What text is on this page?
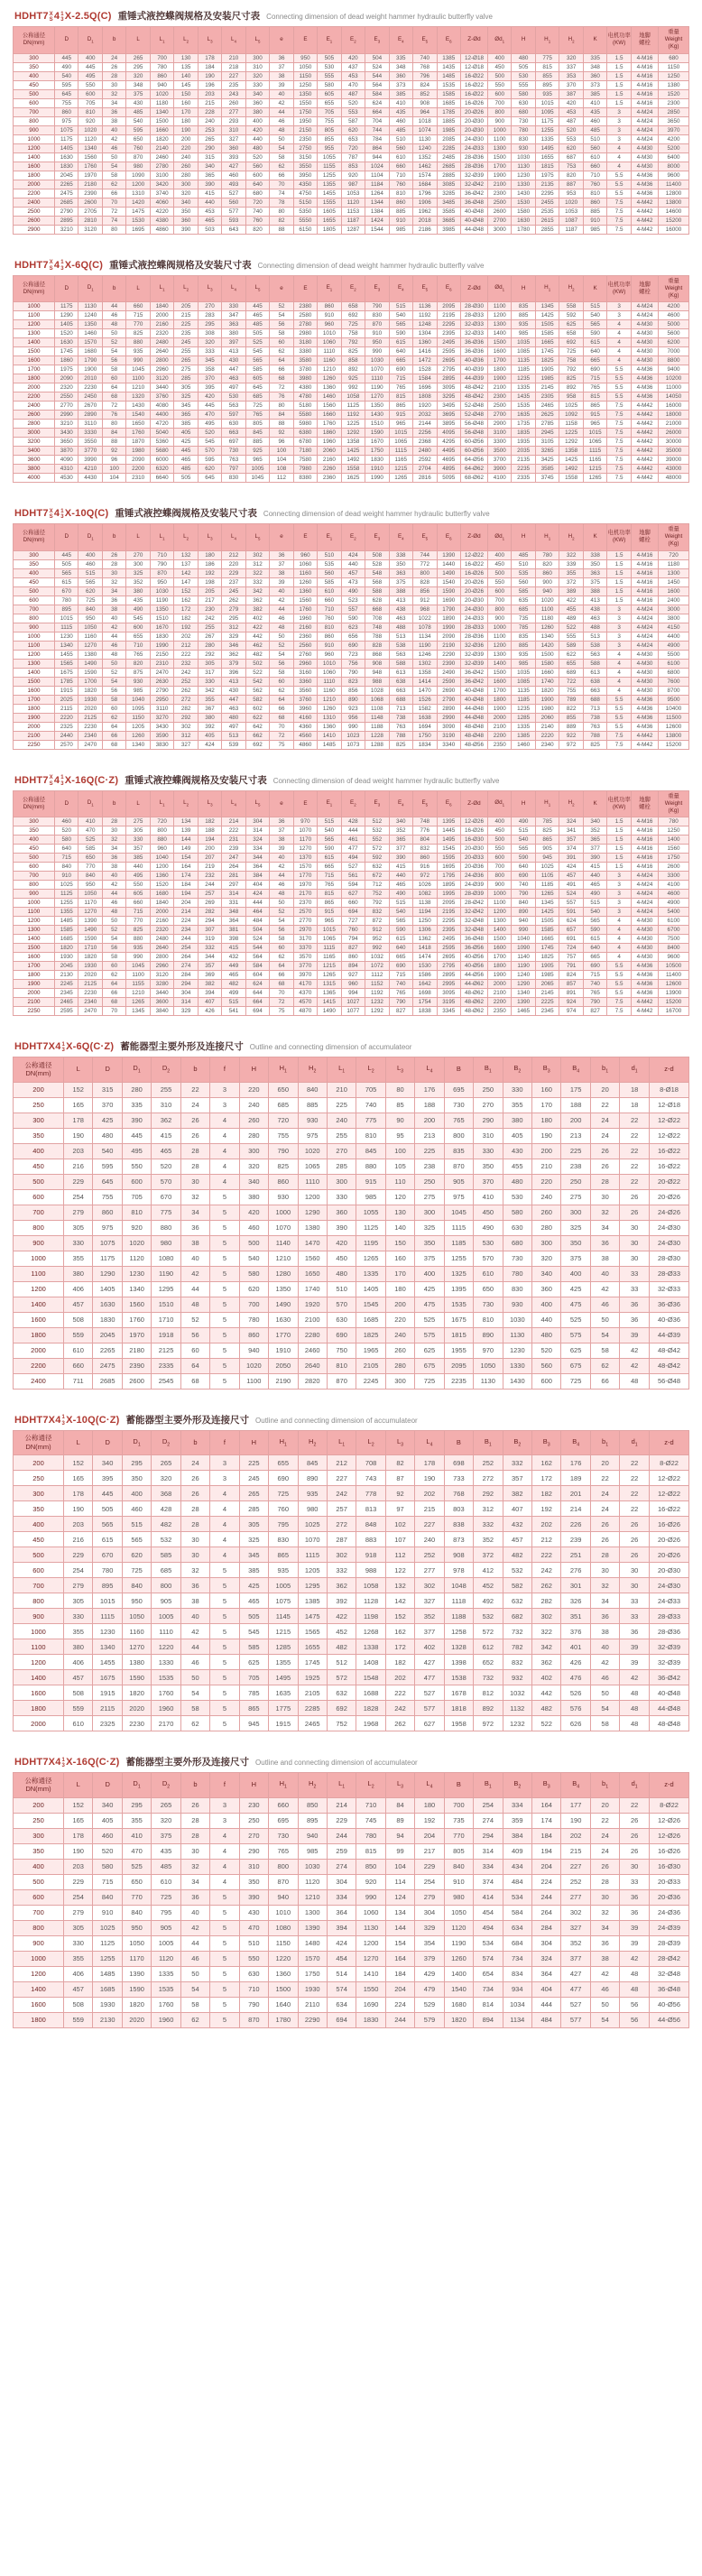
HDHT7 X
S 4 1
3 X-2.5Q(C) 重锤式液控蝶阀规格及安装尺寸表 Connecting dimension of dead weight hammer hydraulic butterfly valve
公称通径
DN(mm)	D	$D_1$	b	L	$L_1$	$L_2$	$L_3$	$L_4$	$L_5$	e	E	$E_1$	$E_2$	$E_3$	$E_4$	$E_5$	$E_6$	Z-Ød	$Ød_1$	H	$H_1$	$H_2$	K	电机功率
(KW)	地脚
螺栓	重量
Weight
(Kg)
300	445	400	24	265	700	130	178	210	300	36	950	505	420	504	335	740	1385	12-Ø18	400	480	775	320	335	1.5	4-M16	680
350	490	445	26	295	780	135	184	218	310	37	1050	530	437	524	348	768	1435	12-Ø18	450	505	815	337	348	1.5	4-M16	1150
400	540	495	28	320	860	140	190	227	320	38	1150	555	453	544	360	796	1485	16-Ø22	500	530	855	353	360	1.5	4-M16	1250
450	595	550	30	348	940	145	196	235	330	39	1250	580	470	564	373	824	1535	16-Ø22	550	555	895	370	373	1.5	4-M16	1380
500	645	600	32	375	1020	150	203	243	340	40	1350	605	487	584	385	852	1585	16-Ø22	600	580	935	387	385	1.5	4-M16	1520
600	755	705	34	430	1180	160	215	260	360	42	1550	655	520	624	410	908	1685	16-Ø26	700	630	1015	420	410	1.5	4-M16	2300
700	860	810	36	485	1340	170	228	277	380	44	1750	705	553	664	435	964	1785	20-Ø26	800	680	1095	453	435	3	4-M24	2850
800	975	920	38	540	1500	180	240	293	400	46	1950	755	587	704	460	1018	1885	20-Ø30	900	730	1175	487	460	3	4-M24	3650
900	1075	1020	40	595	1660	190	253	310	420	48	2150	805	620	744	485	1074	1985	20-Ø30	1000	780	1255	520	485	3	4-M24	3970
1000	1175	1120	42	650	1820	200	265	327	440	50	2350	855	653	784	510	1130	2085	24-Ø30	1100	830	1335	553	510	3	4-M24	4200
1200	1405	1340	46	760	2140	220	290	360	480	54	2750	955	720	864	560	1240	2285	24-Ø33	1300	930	1495	620	560	4	4-M30	5200
1400	1630	1560	50	870	2460	240	315	393	520	58	3150	1055	787	944	610	1352	2485	28-Ø36	1500	1030	1655	687	610	4	4-M30	6400
1600	1830	1760	54	980	2780	260	340	427	560	62	3550	1155	853	1024	660	1462	2685	28-Ø36	1700	1130	1815	753	660	4	4-M30	8000
1800	2045	1970	58	1090	3100	280	365	460	600	66	3950	1255	920	1104	710	1574	2885	32-Ø39	1900	1230	1975	820	710	5.5	4-M36	9600
2000	2265	2180	62	1200	3420	300	390	493	640	70	4350	1355	987	1184	760	1684	3085	32-Ø42	2100	1330	2135	887	760	5.5	4-M36	11400
2200	2475	2390	66	1310	3740	320	415	527	680	74	4750	1455	1053	1264	810	1796	3285	36-Ø42	2300	1430	2295	953	810	5.5	4-M36	12800
2400	2685	2600	70	1420	4060	340	440	560	720	78	5150	1555	1120	1344	860	1906	3485	36-Ø48	2500	1530	2455	1020	860	7.5	4-M42	13800
2500	2790	2705	72	1475	4220	350	453	577	740	80	5350	1605	1153	1384	885	1962	3585	40-Ø48	2600	1580	2535	1053	885	7.5	4-M42	14600
2600	2895	2810	74	1530	4380	360	465	593	760	82	5550	1655	1187	1424	910	2018	3685	40-Ø48	2700	1630	2615	1087	910	7.5	4-M42	15200
2900	3210	3120	80	1695	4860	390	503	643	820	88	6150	1805	1287	1544	985	2186	3985	44-Ø48	3000	1780	2855	1187	985	7.5	4-M42	16000
HDHT7 X
S 4 1
3 X-6Q(C) 重锤式液控蝶阀规格及安装尺寸表 Connecting dimension of dead weight hammer hydraulic butterfly valve
公称通径
DN(mm)	D	$D_1$	b	L	$L_1$	$L_2$	$L_3$	$L_4$	$L_5$	e	E	$E_1$	$E_2$	$E_3$	$E_4$	$E_5$	$E_6$	Z-Ød	$Ød_1$	H	$H_1$	$H_2$	K	电机功率
(KW)	地脚
螺栓	重量
Weight
(Kg)
1000	1175	1130	44	660	1840	205	270	330	445	52	2380	860	658	790	515	1136	2095	28-Ø30	1100	835	1345	558	515	3	4-M24	4200
1100	1290	1240	46	715	2000	215	283	347	465	54	2580	910	692	830	540	1192	2195	28-Ø33	1200	885	1425	592	540	3	4-M24	4600
1200	1405	1350	48	770	2160	225	295	363	485	56	2780	960	725	870	565	1248	2295	32-Ø33	1300	935	1505	625	565	4	4-M30	5000
1300	1520	1460	50	825	2320	235	308	380	505	58	2980	1010	758	910	590	1304	2395	32-Ø33	1400	985	1585	658	590	4	4-M30	5600
1400	1630	1570	52	880	2480	245	320	397	525	60	3180	1060	792	950	615	1360	2495	36-Ø36	1500	1035	1665	692	615	4	4-M30	6200
1500	1745	1680	54	935	2640	255	333	413	545	62	3380	1110	825	990	640	1416	2595	36-Ø36	1600	1085	1745	725	640	4	4-M30	7000
1600	1860	1790	56	990	2800	265	345	430	565	64	3580	1160	858	1030	665	1472	2695	40-Ø36	1700	1135	1825	758	665	4	4-M30	8800
1700	1975	1900	58	1045	2960	275	358	447	585	66	3780	1210	892	1070	690	1528	2795	40-Ø39	1800	1185	1905	792	690	5.5	4-M36	9400
1800	2090	2010	60	1100	3120	285	370	463	605	68	3980	1260	925	1110	715	1584	2895	44-Ø39	1900	1235	1985	825	715	5.5	4-M36	10200
2000	2320	2230	64	1210	3440	305	395	497	645	72	4380	1360	992	1190	765	1696	3095	48-Ø42	2100	1335	2145	892	765	5.5	4-M36	11000
2200	2550	2450	68	1320	3760	325	420	530	685	76	4780	1460	1058	1270	815	1808	3295	48-Ø42	2300	1435	2305	958	815	5.5	4-M36	14050
2400	2770	2670	72	1430	4080	345	445	563	725	80	5180	1560	1125	1350	865	1920	3495	52-Ø48	2500	1535	2465	1025	865	7.5	4-M42	16000
2600	2990	2890	76	1540	4400	365	470	597	765	84	5580	1660	1192	1430	915	2032	3695	52-Ø48	2700	1635	2625	1092	915	7.5	4-M42	18000
2800	3210	3110	80	1650	4720	385	495	630	805	88	5980	1760	1225	1510	965	2144	3895	56-Ø48	2900	1735	2785	1158	965	7.5	4-M42	21000
3000	3430	3330	84	1760	5040	405	520	663	845	92	6380	1860	1292	1590	1015	2256	4095	56-Ø48	3100	1835	2945	1225	1015	7.5	4-M42	26000
3200	3650	3550	88	1870	5360	425	545	697	885	96	6780	1960	1358	1670	1065	2368	4295	60-Ø56	3300	1935	3105	1292	1065	7.5	4-M42	30000
3400	3870	3770	92	1980	5680	445	570	730	925	100	7180	2060	1425	1750	1115	2480	4495	60-Ø56	3500	2035	3265	1358	1115	7.5	4-M42	35000
3600	4090	3990	96	2090	6000	465	595	763	965	104	7580	2160	1492	1830	1165	2592	4695	64-Ø56	3700	2135	3425	1425	1165	7.5	4-M42	39000
3800	4310	4210	100	2200	6320	485	620	797	1005	108	7980	2260	1558	1910	1215	2704	4895	64-Ø62	3900	2235	3585	1492	1215	7.5	4-M42	43000
4000	4530	4430	104	2310	6640	505	645	830	1045	112	8380	2360	1625	1990	1265	2816	5095	68-Ø62	4100	2335	3745	1558	1265	7.5	4-M42	48000
HDHT7 X
S 4 1
3 X-10Q(C) 重锤式液控蝶阀规格及安装尺寸表 Connecting dimension of dead weight hammer hydraulic butterfly valve
公称通径
DN(mm)	D	$D_1$	b	L	$L_1$	$L_2$	$L_3$	$L_4$	$L_5$	e	E	$E_1$	$E_2$	$E_3$	$E_4$	$E_5$	$E_6$	Z-Ød	$Ød_1$	H	$H_1$	$H_2$	K	电机功率
(KW)	地脚
螺栓	重量
Weight
(Kg)
300	445	400	26	270	710	132	180	212	302	36	960	510	424	508	338	744	1390	12-Ø22	400	485	780	322	338	1.5	4-M16	720
350	505	460	28	300	790	137	186	220	312	37	1060	535	440	528	350	772	1440	16-Ø22	450	510	820	339	350	1.5	4-M16	1180
400	565	515	30	325	870	142	192	229	322	38	1160	560	457	548	363	800	1490	16-Ø26	500	535	860	355	363	1.5	4-M16	1300
450	615	565	32	352	950	147	198	237	332	39	1260	585	473	568	375	828	1540	20-Ø26	550	560	900	372	375	1.5	4-M16	1450
500	670	620	34	380	1030	152	205	245	342	40	1360	610	490	588	388	856	1590	20-Ø26	600	585	940	389	388	1.5	4-M16	1600
600	780	725	36	435	1190	162	217	262	362	42	1560	660	523	628	413	912	1690	20-Ø30	700	635	1020	422	413	1.5	4-M16	2400
700	895	840	38	490	1350	172	230	279	382	44	1760	710	557	668	438	968	1790	24-Ø30	800	685	1100	455	438	3	4-M24	3000
800	1015	950	40	545	1510	182	242	295	402	46	1960	760	590	708	463	1022	1890	24-Ø33	900	735	1180	489	463	3	4-M24	3800
900	1115	1050	42	600	1670	192	255	312	422	48	2160	810	623	748	488	1078	1990	28-Ø33	1000	785	1260	522	488	3	4-M24	4150
1000	1230	1160	44	655	1830	202	267	329	442	50	2360	860	656	788	513	1134	2090	28-Ø36	1100	835	1340	555	513	3	4-M24	4400
1100	1340	1270	46	710	1990	212	280	346	462	52	2560	910	690	828	538	1190	2190	32-Ø36	1200	885	1420	589	538	3	4-M24	4900
1200	1455	1380	48	765	2150	222	292	362	482	54	2760	960	723	868	563	1246	2290	32-Ø39	1300	935	1500	622	563	4	4-M30	5500
1300	1565	1490	50	820	2310	232	305	379	502	56	2960	1010	756	908	588	1302	2390	32-Ø39	1400	985	1580	655	588	4	4-M30	6100
1400	1675	1590	52	875	2470	242	317	396	522	58	3160	1060	790	948	613	1358	2490	36-Ø42	1500	1035	1660	689	613	4	4-M30	6800
1500	1785	1700	54	930	2630	252	330	413	542	60	3360	1110	823	988	638	1414	2590	36-Ø42	1600	1085	1740	722	638	4	4-M30	7600
1600	1915	1820	56	985	2790	262	342	430	562	62	3560	1160	856	1028	663	1470	2690	40-Ø48	1700	1135	1820	755	663	4	4-M30	8700
1700	2025	1930	58	1040	2950	272	355	447	582	64	3760	1210	890	1068	688	1526	2790	40-Ø48	1800	1185	1900	789	688	5.5	4-M36	9500
1800	2115	2020	60	1095	3110	282	367	463	602	66	3960	1260	923	1108	713	1582	2890	44-Ø48	1900	1235	1980	822	713	5.5	4-M36	10400
1900	2220	2125	62	1150	3270	292	380	480	622	68	4160	1310	956	1148	738	1638	2990	44-Ø48	2000	1285	2060	855	738	5.5	4-M36	11500
2000	2325	2230	64	1205	3430	302	392	497	642	70	4360	1360	990	1188	763	1694	3090	48-Ø48	2100	1335	2140	889	763	5.5	4-M36	12600
2100	2440	2340	66	1260	3590	312	405	513	662	72	4560	1410	1023	1228	788	1750	3190	48-Ø48	2200	1385	2220	922	788	7.5	4-M42	13800
2250	2570	2470	68	1340	3830	327	424	539	692	75	4860	1485	1073	1288	825	1834	3340	48-Ø56	2350	1460	2340	972	825	7.5	4-M42	15200
HDHT7 X
S 4 1
3 X-16Q(C·Z) 重锤式液控蝶阀规格及安装尺寸表 Connecting dimension of dead weight hammer hydraulic butterfly valve
公称通径
DN(mm)	D	$D_1$	b	L	$L_1$	$L_2$	$L_3$	$L_4$	$L_5$	e	E	$E_1$	$E_2$	$E_3$	$E_4$	$E_5$	$E_6$	Z-Ød	$Ød_1$	H	$H_1$	$H_2$	K	电机功率
(KW)	地脚
螺栓	重量
Weight
(Kg)
300	460	410	28	275	720	134	182	214	304	36	970	515	428	512	340	748	1395	12-Ø26	400	490	785	324	340	1.5	4-M16	780
350	520	470	30	305	800	139	188	222	314	37	1070	540	444	532	352	776	1445	16-Ø26	450	515	825	341	352	1.5	4-M16	1250
400	580	525	32	330	880	144	194	231	324	38	1170	565	461	552	365	804	1495	16-Ø30	500	540	865	357	365	1.5	4-M16	1400
450	640	585	34	357	960	149	200	239	334	39	1270	590	477	572	377	832	1545	20-Ø30	550	565	905	374	377	1.5	4-M16	1560
500	715	650	36	385	1040	154	207	247	344	40	1370	615	494	592	390	860	1595	20-Ø33	600	590	945	391	390	1.5	4-M16	1750
600	840	770	38	440	1200	164	219	264	364	42	1570	665	527	632	415	916	1695	20-Ø36	700	640	1025	424	415	1.5	4-M16	2600
700	910	840	40	495	1360	174	232	281	384	44	1770	715	561	672	440	972	1795	24-Ø36	800	690	1105	457	440	3	4-M24	3300
800	1025	950	42	550	1520	184	244	297	404	46	1970	765	594	712	465	1026	1895	24-Ø39	900	740	1185	491	465	3	4-M24	4100
900	1125	1050	44	605	1680	194	257	314	424	48	2170	815	627	752	490	1082	1995	28-Ø39	1000	790	1265	524	490	3	4-M24	4600
1000	1255	1170	46	660	1840	204	269	331	444	50	2370	865	660	792	515	1138	2095	28-Ø42	1100	840	1345	557	515	3	4-M24	4900
1100	1355	1270	48	715	2000	214	282	348	464	52	2570	915	694	832	540	1194	2195	32-Ø42	1200	890	1425	591	540	3	4-M24	5400
1200	1485	1390	50	770	2160	224	294	364	484	54	2770	965	727	872	565	1250	2295	32-Ø48	1300	940	1505	624	565	4	4-M30	6100
1300	1585	1490	52	825	2320	234	307	381	504	56	2970	1015	760	912	590	1306	2395	32-Ø48	1400	990	1585	657	590	4	4-M30	6700
1400	1685	1590	54	880	2480	244	319	398	524	58	3170	1065	794	952	615	1362	2495	36-Ø48	1500	1040	1665	691	615	4	4-M30	7500
1500	1820	1710	56	935	2640	254	332	415	544	60	3370	1115	827	992	640	1418	2595	36-Ø56	1600	1090	1745	724	640	4	4-M30	8400
1600	1930	1820	58	990	2800	264	344	432	564	62	3570	1165	860	1032	665	1474	2695	40-Ø56	1700	1140	1825	757	665	4	4-M30	9600
1700	2045	1930	60	1045	2960	274	357	449	584	64	3770	1215	894	1072	690	1530	2795	40-Ø56	1800	1190	1905	791	690	5.5	4-M36	10500
1800	2130	2020	62	1100	3120	284	369	465	604	66	3970	1265	927	1112	715	1586	2895	44-Ø56	1900	1240	1985	824	715	5.5	4-M36	11400
1900	2245	2125	64	1155	3280	294	382	482	624	68	4170	1315	960	1152	740	1642	2995	44-Ø62	2000	1290	2065	857	740	5.5	4-M36	12600
2000	2345	2230	66	1210	3440	304	394	499	644	70	4370	1365	994	1192	765	1698	3095	48-Ø62	2100	1340	2145	891	765	5.5	4-M36	13900
2100	2465	2340	68	1265	3600	314	407	515	664	72	4570	1415	1027	1232	790	1754	3195	48-Ø62	2200	1390	2225	924	790	7.5	4-M42	15200
2250	2595	2470	70	1345	3840	329	426	541	694	75	4870	1490	1077	1292	827	1838	3345	48-Ø62	2350	1465	2345	974	827	7.5	4-M42	16700
HDHT7X4 1
3 X-6Q(C·Z) 蓄能器型主要外形及连接尺寸 Outline and connecting dimension of accumulateor
公称通径
DN(mm)	L	D	$D_1$	$D_2$	b	f	H	$H_1$	$H_2$	$L_1$	$L_2$	$L_3$	$L_4$	B	$B_1$	$B_2$	$B_3$	$B_4$	$b_1$	$d_1$	z-d
200	152	315	280	255	22	3	220	650	840	210	705	80	176	695	250	330	160	175	20	18	8-Ø18
250	165	370	335	310	24	3	240	685	885	225	740	85	188	730	270	355	170	188	22	18	12-Ø18
300	178	425	390	362	26	4	260	720	930	240	775	90	200	765	290	380	180	200	24	22	12-Ø22
350	190	480	445	415	26	4	280	755	975	255	810	95	213	800	310	405	190	213	24	22	12-Ø22
400	203	540	495	465	28	4	300	790	1020	270	845	100	225	835	330	430	200	225	26	22	16-Ø22
450	216	595	550	520	28	4	320	825	1065	285	880	105	238	870	350	455	210	238	26	22	16-Ø22
500	229	645	600	570	30	4	340	860	1110	300	915	110	250	905	370	480	220	250	28	22	20-Ø22
600	254	755	705	670	32	5	380	930	1200	330	985	120	275	975	410	530	240	275	30	26	20-Ø26
700	279	860	810	775	34	5	420	1000	1290	360	1055	130	300	1045	450	580	260	300	32	26	24-Ø26
800	305	975	920	880	36	5	460	1070	1380	390	1125	140	325	1115	490	630	280	325	34	30	24-Ø30
900	330	1075	1020	980	38	5	500	1140	1470	420	1195	150	350	1185	530	680	300	350	36	30	24-Ø30
1000	355	1175	1120	1080	40	5	540	1210	1560	450	1265	160	375	1255	570	730	320	375	38	30	28-Ø30
1100	380	1290	1230	1190	42	5	580	1280	1650	480	1335	170	400	1325	610	780	340	400	40	33	28-Ø33
1200	406	1405	1340	1295	44	5	620	1350	1740	510	1405	180	425	1395	650	830	360	425	42	33	32-Ø33
1400	457	1630	1560	1510	48	5	700	1490	1920	570	1545	200	475	1535	730	930	400	475	46	36	36-Ø36
1600	508	1830	1760	1710	52	5	780	1630	2100	630	1685	220	525	1675	810	1030	440	525	50	36	40-Ø36
1800	559	2045	1970	1918	56	5	860	1770	2280	690	1825	240	575	1815	890	1130	480	575	54	39	44-Ø39
2000	610	2265	2180	2125	60	5	940	1910	2460	750	1965	260	625	1955	970	1230	520	625	58	42	48-Ø42
2200	660	2475	2390	2335	64	5	1020	2050	2640	810	2105	280	675	2095	1050	1330	560	675	62	42	48-Ø42
2400	711	2685	2600	2545	68	5	1100	2190	2820	870	2245	300	725	2235	1130	1430	600	725	66	48	56-Ø48
HDHT7X4 1
3 X-10Q(C·Z) 蓄能器型主要外形及连接尺寸 Outline and connecting dimension of accumulateor
公称通径
DN(mm)	L	D	$D_1$	$D_2$	b	f	H	$H_1$	$H_2$	$L_1$	$L_2$	$L_3$	$L_4$	B	$B_1$	$B_2$	$B_3$	$B_4$	$b_1$	$d_1$	z-d
200	152	340	295	265	24	3	225	655	845	212	708	82	178	698	252	332	162	176	20	22	8-Ø22
250	165	395	350	320	26	3	245	690	890	227	743	87	190	733	272	357	172	189	22	22	12-Ø22
300	178	445	400	368	26	4	265	725	935	242	778	92	202	768	292	382	182	201	24	22	12-Ø22
350	190	505	460	428	28	4	285	760	980	257	813	97	215	803	312	407	192	214	24	22	16-Ø22
400	203	565	515	482	28	4	305	795	1025	272	848	102	227	838	332	432	202	226	26	26	16-Ø26
450	216	615	565	532	30	4	325	830	1070	287	883	107	240	873	352	457	212	239	26	26	20-Ø26
500	229	670	620	585	30	4	345	865	1115	302	918	112	252	908	372	482	222	251	28	26	20-Ø26
600	254	780	725	685	32	5	385	935	1205	332	988	122	277	978	412	532	242	276	30	30	20-Ø30
700	279	895	840	800	36	5	425	1005	1295	362	1058	132	302	1048	452	582	262	301	32	30	24-Ø30
800	305	1015	950	905	38	5	465	1075	1385	392	1128	142	327	1118	492	632	282	326	34	33	24-Ø33
900	330	1115	1050	1005	40	5	505	1145	1475	422	1198	152	352	1188	532	682	302	351	36	33	28-Ø33
1000	355	1230	1160	1110	42	5	545	1215	1565	452	1268	162	377	1258	572	732	322	376	38	36	28-Ø36
1100	380	1340	1270	1220	44	5	585	1285	1655	482	1338	172	402	1328	612	782	342	401	40	39	32-Ø39
1200	406	1455	1380	1330	46	5	625	1355	1745	512	1408	182	427	1398	652	832	362	426	42	39	32-Ø39
1400	457	1675	1590	1535	50	5	705	1495	1925	572	1548	202	477	1538	732	932	402	476	46	42	36-Ø42
1600	508	1915	1820	1760	54	5	785	1635	2105	632	1688	222	527	1678	812	1032	442	526	50	48	40-Ø48
1800	559	2115	2020	1960	58	5	865	1775	2285	692	1828	242	577	1818	892	1132	482	576	54	48	44-Ø48
2000	610	2325	2230	2170	62	5	945	1915	2465	752	1968	262	627	1958	972	1232	522	626	58	48	48-Ø48
HDHT7X4 1
3 X-16Q(C·Z) 蓄能器型主要外形及连接尺寸 Outline and connecting dimension of accumulateor
公称通径
DN(mm)	L	D	$D_1$	$D_2$	b	f	H	$H_1$	$H_2$	$L_1$	$L_2$	$L_3$	$L_4$	B	$B_1$	$B_2$	$B_3$	$B_4$	$b_1$	$d_1$	z-d
200	152	340	295	265	26	3	230	660	850	214	710	84	180	700	254	334	164	177	20	22	8-Ø22
250	165	405	355	320	28	3	250	695	895	229	745	89	192	735	274	359	174	190	22	26	12-Ø26
300	178	460	410	375	28	4	270	730	940	244	780	94	204	770	294	384	184	202	24	26	12-Ø26
350	190	520	470	435	30	4	290	765	985	259	815	99	217	805	314	409	194	215	24	26	16-Ø26
400	203	580	525	485	32	4	310	800	1030	274	850	104	229	840	334	434	204	227	26	30	16-Ø30
500	229	715	650	610	34	4	350	870	1120	304	920	114	254	910	374	484	224	252	28	33	20-Ø33
600	254	840	770	725	36	5	390	940	1210	334	990	124	279	980	414	534	244	277	30	36	20-Ø36
700	279	910	840	795	40	5	430	1010	1300	364	1060	134	304	1050	454	584	264	302	32	36	24-Ø36
800	305	1025	950	905	42	5	470	1080	1390	394	1130	144	329	1120	494	634	284	327	34	39	24-Ø39
900	330	1125	1050	1005	44	5	510	1150	1480	424	1200	154	354	1190	534	684	304	352	36	39	28-Ø39
1000	355	1255	1170	1120	46	5	550	1220	1570	454	1270	164	379	1260	574	734	324	377	38	42	28-Ø42
1200	406	1485	1390	1335	50	5	630	1360	1750	514	1410	184	429	1400	654	834	364	427	42	48	32-Ø48
1400	457	1685	1590	1535	54	5	710	1500	1930	574	1550	204	479	1540	734	934	404	477	46	48	36-Ø48
1600	508	1930	1820	1760	58	5	790	1640	2110	634	1690	224	529	1680	814	1034	444	527	50	56	40-Ø56
1800	559	2130	2020	1960	62	5	870	1780	2290	694	1830	244	579	1820	894	1134	484	577	54	56	44-Ø56
